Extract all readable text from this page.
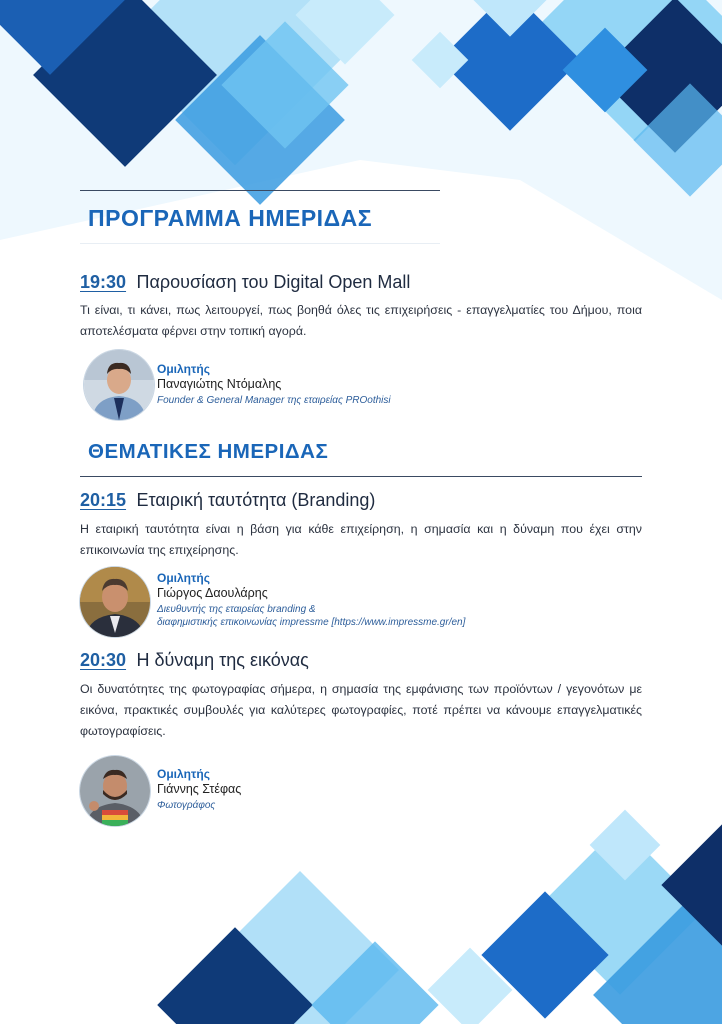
ΠΡΟΓΡΑΜΜΑ ΗΜΕΡΙΔΑΣ
19:30 Παρουσίαση του Digital Open Mall

Τι είναι, τι κάνει, πως λειτουργεί, πως βοηθά όλες τις επιχειρήσεις - επαγγελματίες του Δήμου, ποια αποτελέσματα φέρνει στην τοπική αγορά.

Ομιλητής
Παναγιώτης Ντόμαλης
Founder & General Manager της εταιρείας PROothisi
ΘΕΜΑΤΙΚΕΣ ΗΜΕΡΙΔΑΣ
20:15 Εταιρική ταυτότητα (Branding)

Η εταιρική ταυτότητα είναι η βάση για κάθε επιχείρηση, η σημασία και η δύναμη που έχει στην επικοινωνία της επιχείρησης.

Ομιλητής
Γιώργος Δαουλάρης
Διευθυντής της εταιρείας branding &
διαφημιστικής επικοινωνίας impressme [https://www.impressme.gr/en]
20:30 Η δύναμη της εικόνας

Οι δυνατότητες της φωτογραφίας σήμερα, η σημασία της εμφάνισης των προϊόντων / γεγονότων με εικόνα, πρακτικές συμβουλές για καλύτερες φωτογραφίες, ποτέ πρέπει να κάνουμε επαγγελματικές φωτογραφίσεις.

Ομιλητής
Γιάννης Στέφας
Φωτογράφος
